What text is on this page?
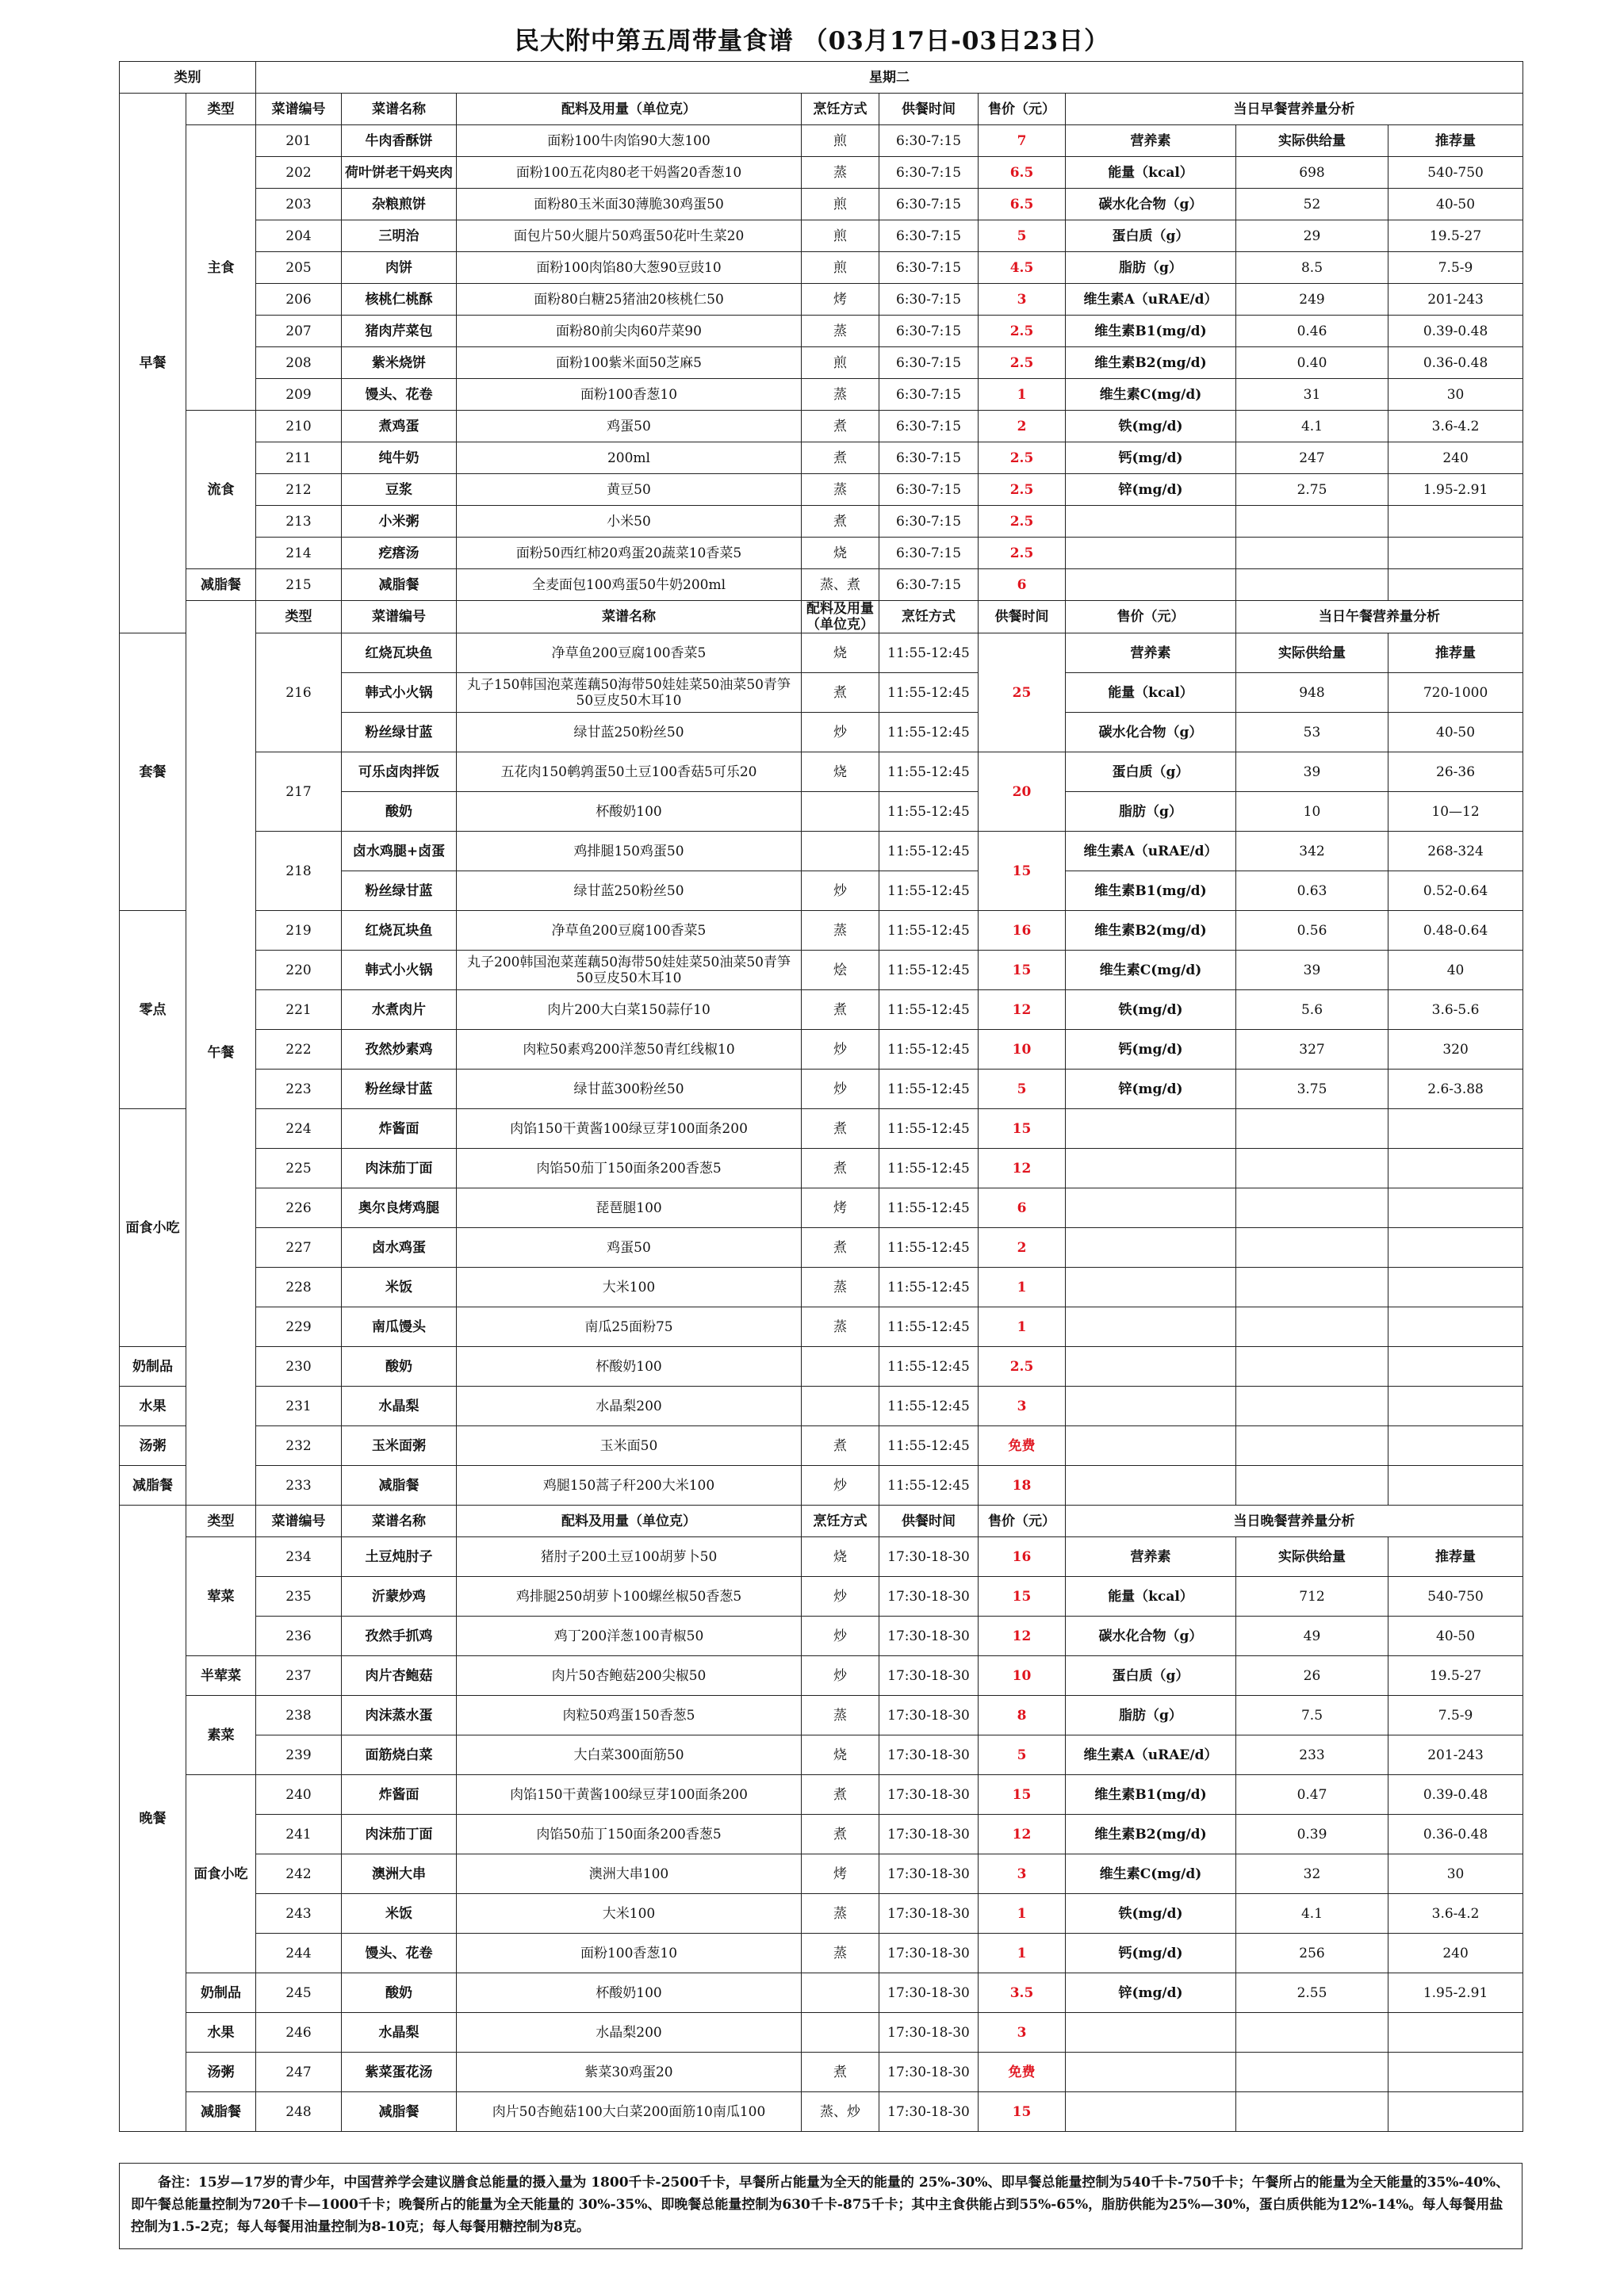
民大附中第五周带量食谱 （03月17日-03日23日）
类别		星期二								
早餐	类型	菜谱编号	菜谱名称	配料及用量（单位克）	烹饪方式	供餐时间	售价（元）	当日早餐营养量分析		
	主食	201	牛肉香酥饼	面粉100牛肉馅90大葱100	煎	6:30-7:15	7	营养素	实际供给量	推荐量
		202	荷叶饼老干妈夹肉	面粉100五花肉80老干妈酱20香葱10	蒸	6:30-7:15	6.5	能量（kcal）	698	540-750
		203	杂粮煎饼	面粉80玉米面30薄脆30鸡蛋50	煎	6:30-7:15	6.5	碳水化合物（g）	52	40-50
		204	三明治	面包片50火腿片50鸡蛋50花叶生菜20	煎	6:30-7:15	5	蛋白质（g）	29	19.5-27
		205	肉饼	面粉100肉馅80大葱90豆豉10	煎	6:30-7:15	4.5	脂肪（g）	8.5	7.5-9
		206	核桃仁桃酥	面粉80白糖25猪油20核桃仁50	烤	6:30-7:15	3	维生素A（uRAE/d）	249	201-243
		207	猪肉芹菜包	面粉80前尖肉60芹菜90	蒸	6:30-7:15	2.5	维生素B1(mg/d)	0.46	0.39-0.48
		208	紫米烧饼	面粉100紫米面50芝麻5	煎	6:30-7:15	2.5	维生素B2(mg/d)	0.40	0.36-0.48
		209	馒头、花卷	面粉100香葱10	蒸	6:30-7:15	1	维生素C(mg/d)	31	30
	流食	210	煮鸡蛋	鸡蛋50	煮	6:30-7:15	2	铁(mg/d)	4.1	3.6-4.2
		211	纯牛奶	200ml	煮	6:30-7:15	2.5	钙(mg/d)	247	240
		212	豆浆	黄豆50	蒸	6:30-7:15	2.5	锌(mg/d)	2.75	1.95-2.91
		213	小米粥	小米50	煮	6:30-7:15	2.5			
		214	疙瘩汤	面粉50西红柿20鸡蛋20蔬菜10香菜5	烧	6:30-7:15	2.5			
	减脂餐	215	减脂餐	全麦面包100鸡蛋50牛奶200ml	蒸、煮	6:30-7:15	6			
	午餐	类型	菜谱编号	菜谱名称	配料及用量（单位克）	烹饪方式	供餐时间	售价（元）	当日午餐营养量分析	
套餐		216	红烧瓦块鱼	净草鱼200豆腐100香菜5	烧	11:55-12:45	25	营养素	实际供给量	推荐量
			韩式小火锅	丸子150韩国泡菜莲藕50海带50娃娃菜50油菜50青笋50豆皮50木耳10	煮	11:55-12:45		能量（kcal）	948	720-1000
			粉丝绿甘蓝	绿甘蓝250粉丝50	炒	11:55-12:45		碳水化合物（g）	53	40-50
		217	可乐卤肉拌饭	五花肉150鹌鹑蛋50土豆100香菇5可乐20	烧	11:55-12:45	20	蛋白质（g）	39	26-36
			酸奶	杯酸奶100		11:55-12:45		脂肪（g）	10	10—12
		218	卤水鸡腿+卤蛋	鸡排腿150鸡蛋50		11:55-12:45	15	维生素A（uRAE/d）	342	268-324
			粉丝绿甘蓝	绿甘蓝250粉丝50	炒	11:55-12:45		维生素B1(mg/d)	0.63	0.52-0.64
零点		219	红烧瓦块鱼	净草鱼200豆腐100香菜5	蒸	11:55-12:45	16	维生素B2(mg/d)	0.56	0.48-0.64
		220	韩式小火锅	丸子200韩国泡菜莲藕50海带50娃娃菜50油菜50青笋50豆皮50木耳10	烩	11:55-12:45	15	维生素C(mg/d)	39	40
		221	水煮肉片	肉片200大白菜150蒜仔10	煮	11:55-12:45	12	铁(mg/d)	5.6	3.6-5.6
		222	孜然炒素鸡	肉粒50素鸡200洋葱50青红线椒10	炒	11:55-12:45	10	钙(mg/d)	327	320
		223	粉丝绿甘蓝	绿甘蓝300粉丝50	炒	11:55-12:45	5	锌(mg/d)	3.75	2.6-3.88
面食小吃		224	炸酱面	肉馅150干黄酱100绿豆芽100面条200	煮	11:55-12:45	15			
		225	肉沫茄丁面	肉馅50茄丁150面条200香葱5	煮	11:55-12:45	12			
		226	奥尔良烤鸡腿	琵琶腿100	烤	11:55-12:45	6			
		227	卤水鸡蛋	鸡蛋50	煮	11:55-12:45	2			
		228	米饭	大米100	蒸	11:55-12:45	1			
		229	南瓜馒头	南瓜25面粉75	蒸	11:55-12:45	1			
奶制品		230	酸奶	杯酸奶100		11:55-12:45	2.5			
水果		231	水晶梨	水晶梨200		11:55-12:45	3			
汤粥		232	玉米面粥	玉米面50	煮	11:55-12:45	免费			
减脂餐		233	减脂餐	鸡腿150蒿子秆200大米100	炒	11:55-12:45	18			
晚餐	类型	菜谱编号	菜谱名称	配料及用量（单位克）	烹饪方式	供餐时间	售价（元）	当日晚餐营养量分析		
	荤菜	234	土豆炖肘子	猪肘子200土豆100胡萝卜50	烧	17:30-18-30	16	营养素	实际供给量	推荐量
		235	沂蒙炒鸡	鸡排腿250胡萝卜100螺丝椒50香葱5	炒	17:30-18-30	15	能量（kcal）	712	540-750
		236	孜然手抓鸡	鸡丁200洋葱100青椒50	炒	17:30-18-30	12	碳水化合物（g）	49	40-50
	半荤菜	237	肉片杏鲍菇	肉片50杏鲍菇200尖椒50	炒	17:30-18-30	10	蛋白质（g）	26	19.5-27
	素菜	238	肉沫蒸水蛋	肉粒50鸡蛋150香葱5	蒸	17:30-18-30	8	脂肪（g）	7.5	7.5-9
		239	面筋烧白菜	大白菜300面筋50	烧	17:30-18-30	5	维生素A（uRAE/d）	233	201-243
	面食小吃	240	炸酱面	肉馅150干黄酱100绿豆芽100面条200	煮	17:30-18-30	15	维生素B1(mg/d)	0.47	0.39-0.48
		241	肉沫茄丁面	肉馅50茄丁150面条200香葱5	煮	17:30-18-30	12	维生素B2(mg/d)	0.39	0.36-0.48
		242	澳洲大串	澳洲大串100	烤	17:30-18-30	3	维生素C(mg/d)	32	30
		243	米饭	大米100	蒸	17:30-18-30	1	铁(mg/d)	4.1	3.6-4.2
		244	馒头、花卷	面粉100香葱10	蒸	17:30-18-30	1	钙(mg/d)	256	240
	奶制品	245	酸奶	杯酸奶100		17:30-18-30	3.5	锌(mg/d)	2.55	1.95-2.91
	水果	246	水晶梨	水晶梨200		17:30-18-30	3			
	汤粥	247	紫菜蛋花汤	紫菜30鸡蛋20	煮	17:30-18-30	免费			
	减脂餐	248	减脂餐	肉片50杏鲍菇100大白菜200面筋10南瓜100	蒸、炒	17:30-18-30	15			
备注：15岁—17岁的青少年，中国营养学会建议膳食总能量的摄入量为 1800千卡-2500千卡，早餐所占能量为全天的能量的 25%-30%、即早餐总能量控制为540千卡-750千卡；午餐所占的能量为全天能量的35%-40%、即午餐总能量控制为720千卡—1000千卡；晚餐所占的能量为全天能量的 30%-35%、即晚餐总能量控制为630千卡-875千卡；其中主食供能占到55%-65%，脂肪供能为25%—30%，蛋白质供能为12%-14%。每人每餐用盐控制为1.5-2克；每人每餐用油量控制为8-10克；每人每餐用糖控制为8克。
